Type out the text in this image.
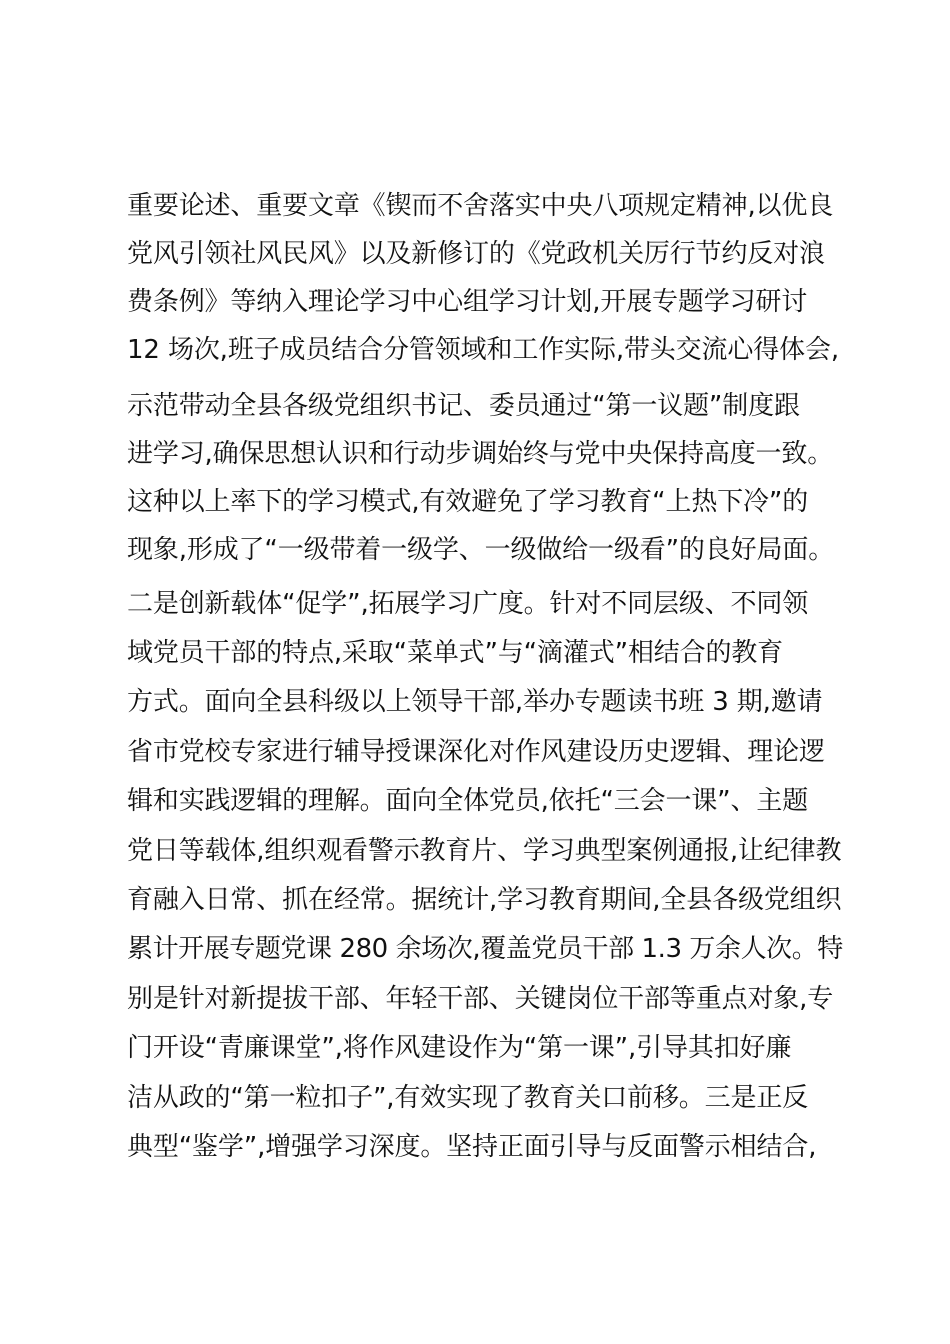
重要论述、重要文章《锲而不舍落实中央八项规定精神,以优良
党风引领社风民风》以及新修订的《党政机关厉行节约反对浪
费条例》等纳入理论学习中心组学习计划,开展专题学习研讨
12 场次,班子成员结合分管领域和工作实际,带头交流心得体会,
示范带动全县各级党组织书记、委员通过“第一议题”制度跟
进学习,确保思想认识和行动步调始终与党中央保持高度一致。
这种以上率下的学习模式,有效避免了学习教育“上热下冷”的
现象,形成了“一级带着一级学、一级做给一级看”的良好局面。
二是创新载体“促学”,拓展学习广度。针对不同层级、不同领
域党员干部的特点,采取“菜单式”与“滴灌式”相结合的教育
方式。面向全县科级以上领导干部,举办专题读书班 3 期,邀请
省市党校专家进行辅导授课深化对作风建设历史逻辑、理论逻
辑和实践逻辑的理解。面向全体党员,依托“三会一课”、主题
党日等载体,组织观看警示教育片、学习典型案例通报,让纪律教
育融入日常、抓在经常。据统计,学习教育期间,全县各级党组织
累计开展专题党课 280 余场次,覆盖党员干部 1.3 万余人次。特
别是针对新提拔干部、年轻干部、关键岗位干部等重点对象,专
门开设“青廉课堂”,将作风建设作为“第一课”,引导其扣好廉
洁从政的“第一粒扣子”,有效实现了教育关口前移。三是正反
典型“鉴学”,增强学习深度。坚持正面引导与反面警示相结合,
